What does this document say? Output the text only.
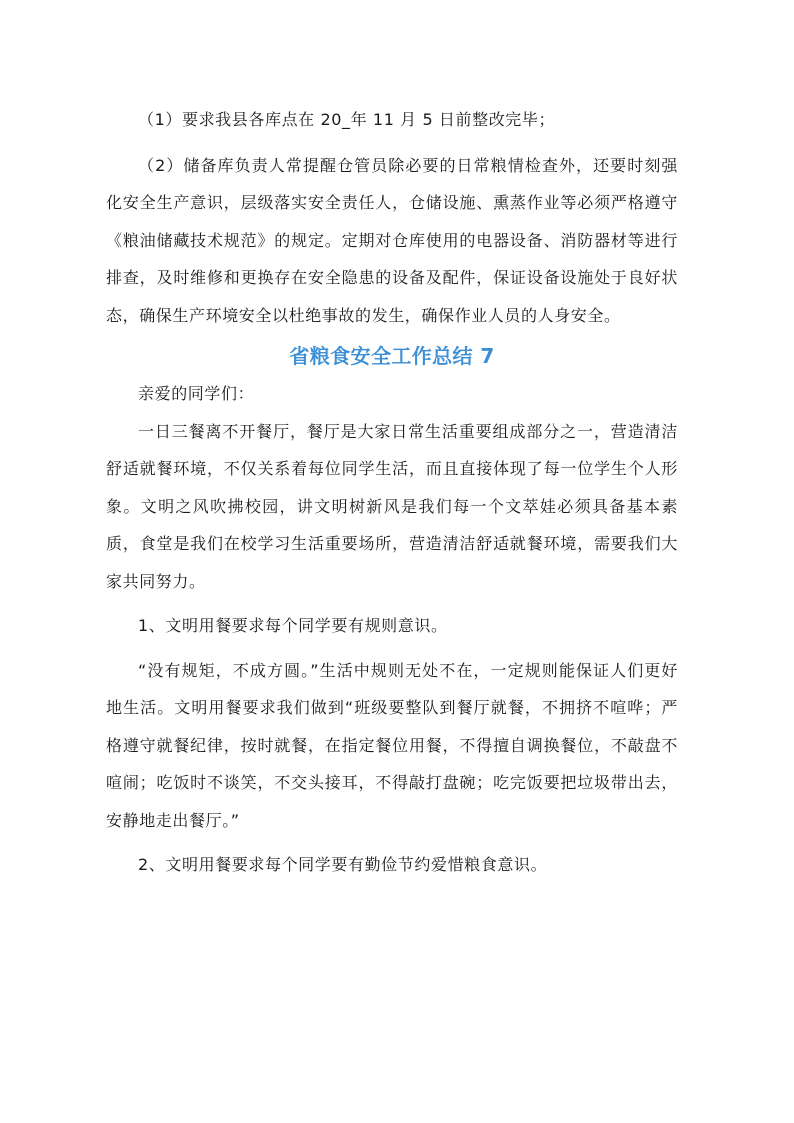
（1）要求我县各库点在 20_年 11 月 5 日前整改完毕；

（2）储备库负责人常提醒仓管员除必要的日常粮情检查外，还要时刻强化安全生产意识，层级落实安全责任人，仓储设施、熏蒸作业等必须严格遵守《粮油储藏技术规范》的规定。定期对仓库使用的电器设备、消防器材等进行排查，及时维修和更换存在安全隐患的设备及配件，保证设备设施处于良好状态，确保生产环境安全以杜绝事故的发生，确保作业人员的人身安全。

省粮食安全工作总结 7

亲爱的同学们：

一日三餐离不开餐厅，餐厅是大家日常生活重要组成部分之一，营造清洁舒适就餐环境，不仅关系着每位同学生活，而且直接体现了每一位学生个人形象。文明之风吹拂校园，讲文明树新风是我们每一个文萃娃必须具备基本素质，食堂是我们在校学习生活重要场所，营造清洁舒适就餐环境，需要我们大家共同努力。

1、文明用餐要求每个同学要有规则意识。

“没有规矩，不成方圆。”生活中规则无处不在，一定规则能保证人们更好地生活。文明用餐要求我们做到“班级要整队到餐厅就餐，不拥挤不喧哗；严格遵守就餐纪律，按时就餐，在指定餐位用餐，不得擅自调换餐位，不敲盘不喧闹；吃饭时不谈笑，不交头接耳，不得敲打盘碗；吃完饭要把垃圾带出去，安静地走出餐厅。”

2、文明用餐要求每个同学要有勤俭节约爱惜粮食意识。
